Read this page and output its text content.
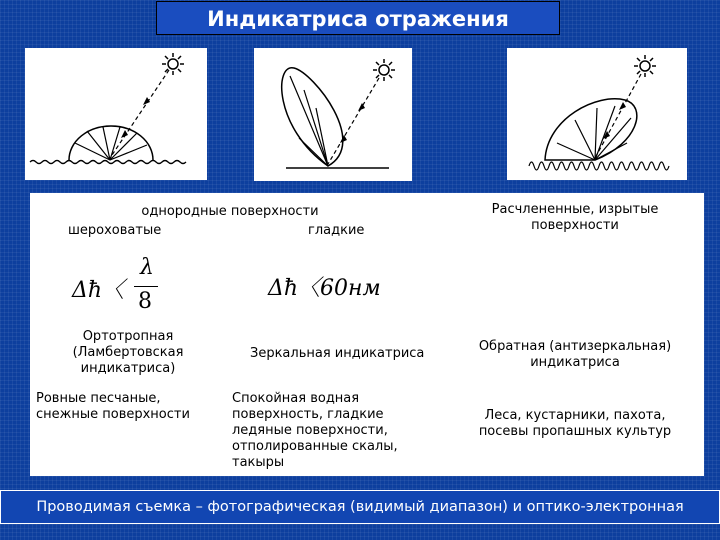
Индикатриса отражения
однородные поверхности
шероховатые	гладкие
Расчлененные, изрытые поверхности
Δħ〈
λ
8
Δħ〈60нм
Ортотропная (Ламбертовская индикатриса)
Зеркальная индикатриса	Обратная (антизеркальная) индикатриса
Ровные песчаные, снежные поверхности
Спокойная водная поверхность, гладкие ледяные поверхности, отполированные скалы, такыры
Леса, кустарники, пахота, посевы пропашных культур
Проводимая съемка – фотографическая (видимый диапазон) и оптико-электронная
